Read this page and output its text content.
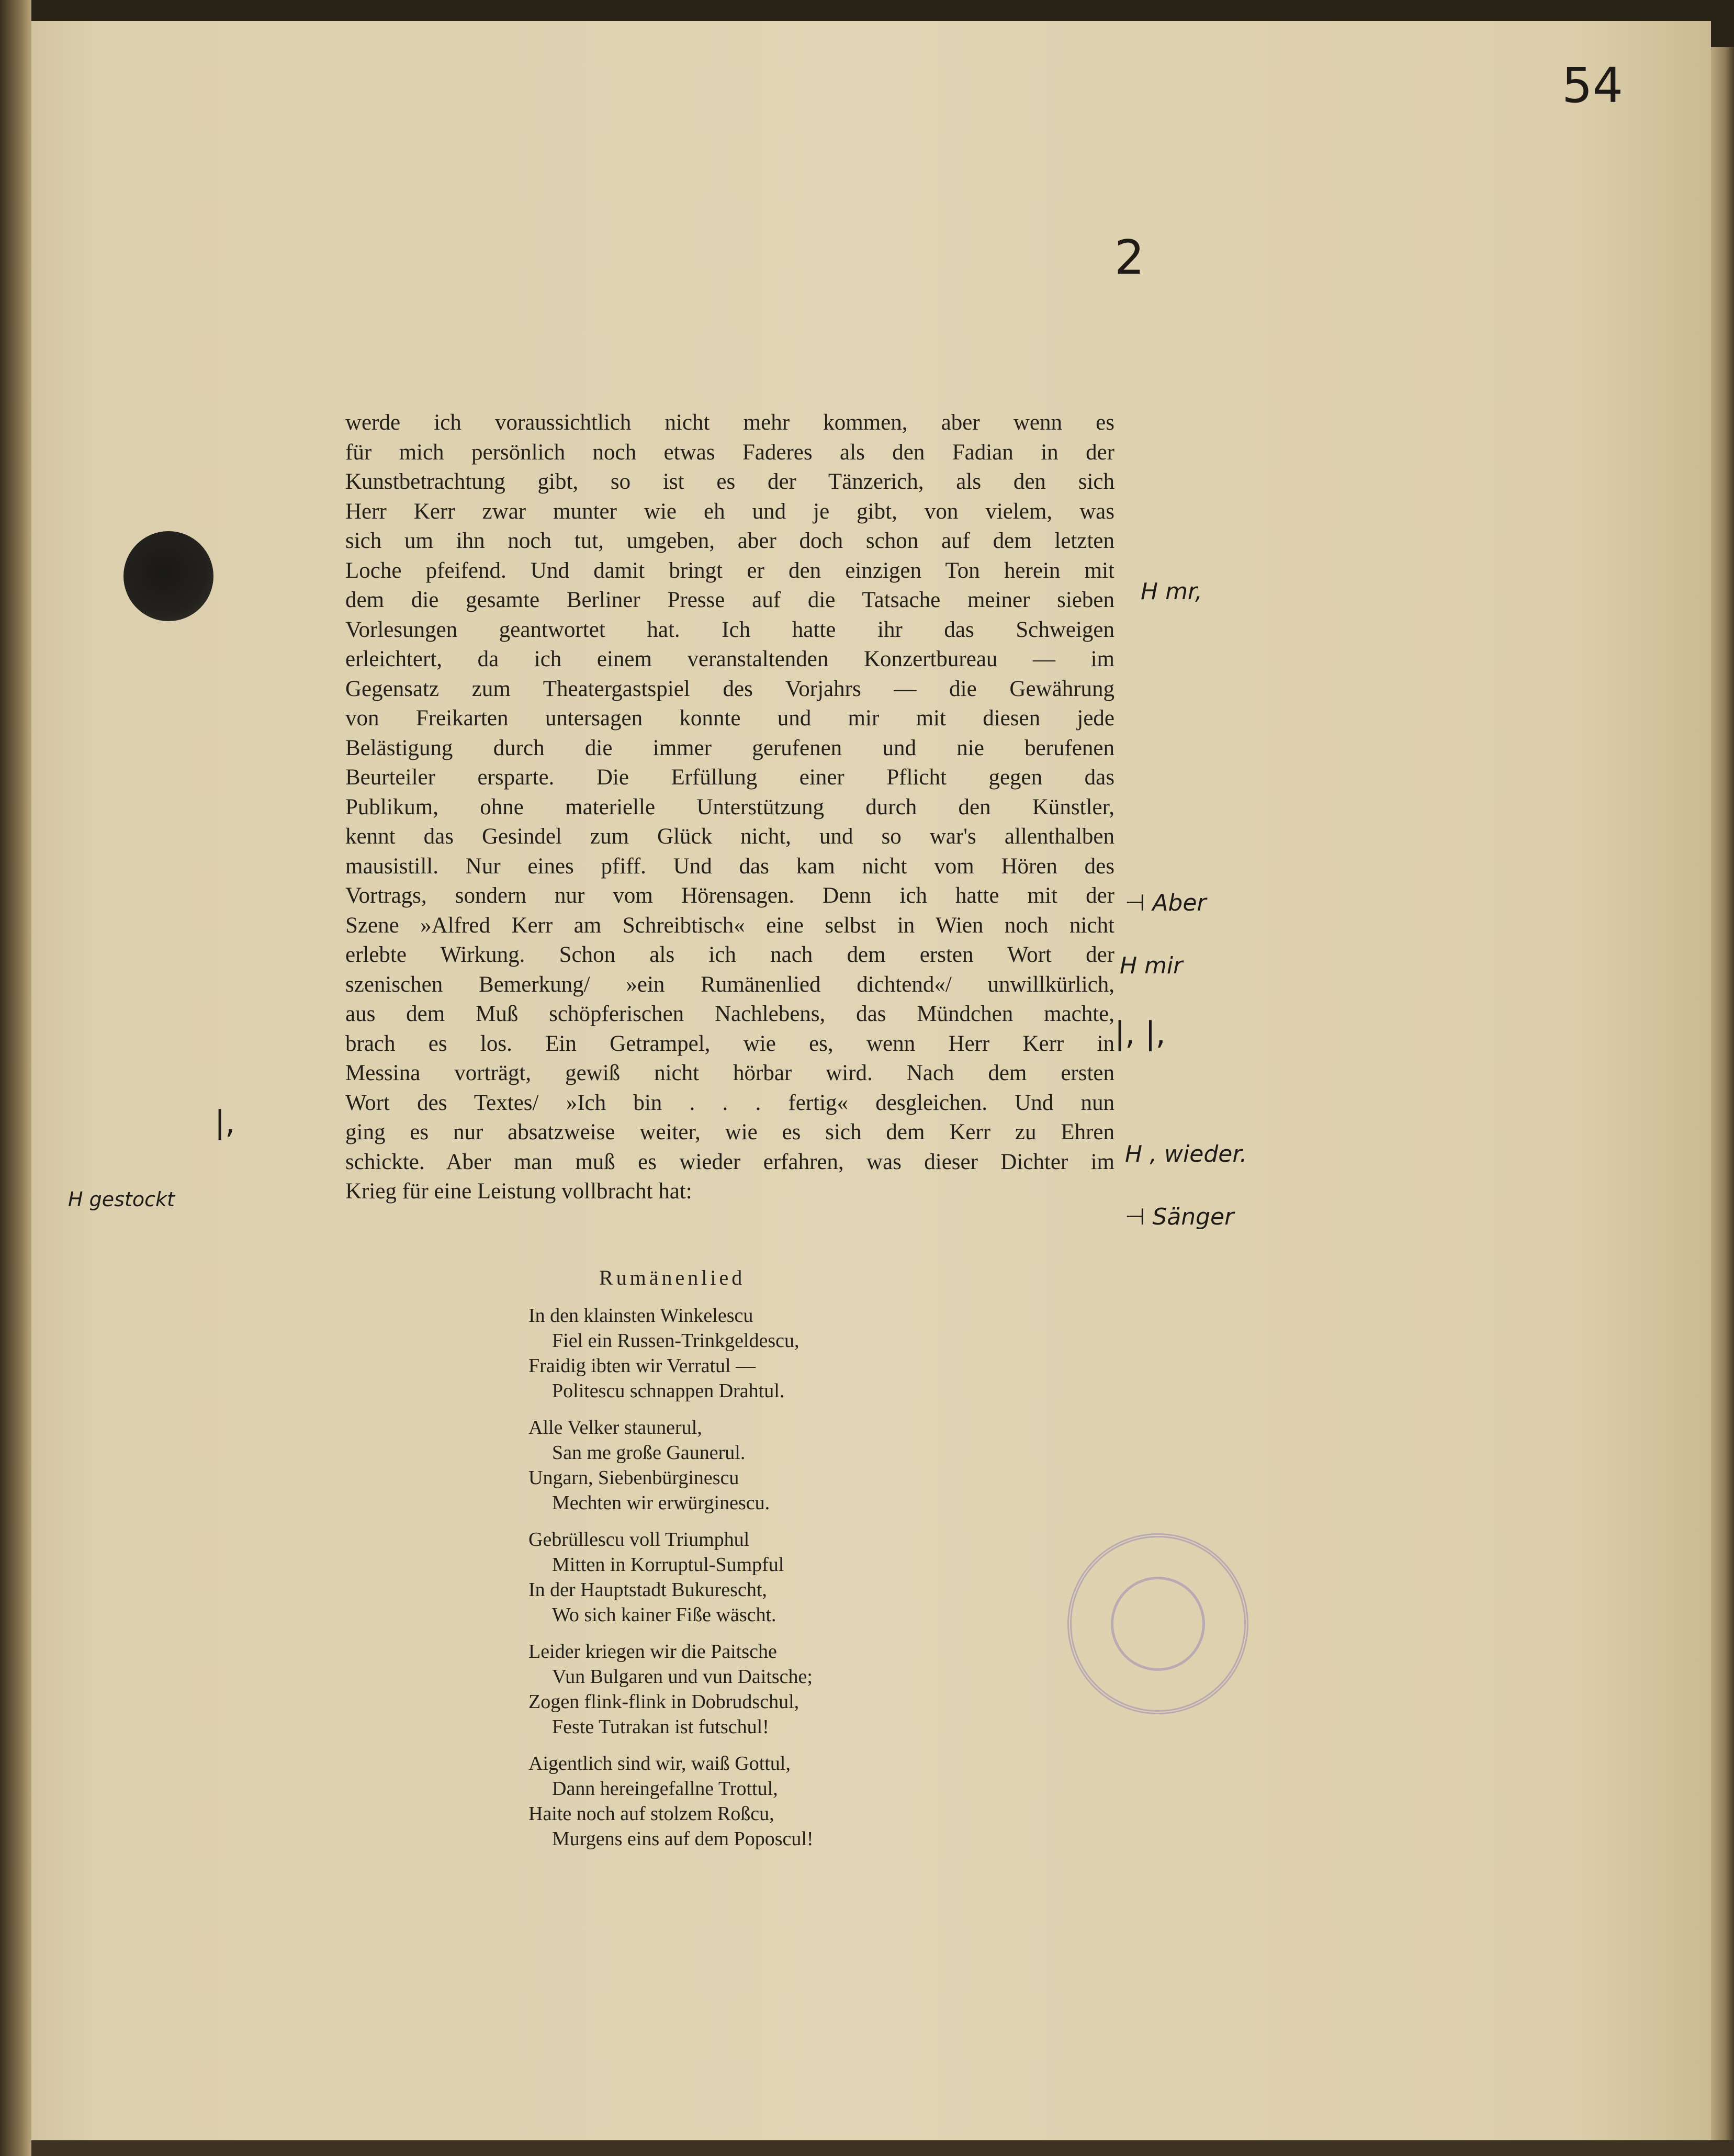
54
2
werde ich voraussichtlich nicht mehr kommen, aber wenn es
für mich persönlich noch etwas Faderes als den Fadian in der
Kunstbetrachtung gibt, so ist es der Tänzerich, als den sich
Herr Kerr zwar munter wie eh und je gibt, von vielem, was
sich um ihn noch tut, umgeben, aber doch schon auf dem letzten
Loche pfeifend. Und damit bringt er den einzigen Ton herein mit
dem die gesamte Berliner Presse auf die Tatsache meiner sieben
Vorlesungen geantwortet hat. Ich hatte ihr das Schweigen
erleichtert, da ich einem veranstaltenden Konzertbureau — im
Gegensatz zum Theatergastspiel des Vorjahrs — die Gewährung
von Freikarten untersagen konnte und mir mit diesen jede
Belästigung durch die immer gerufenen und nie berufenen
Beurteiler ersparte. Die Erfüllung einer Pflicht gegen das
Publikum, ohne materielle Unterstützung durch den Künstler,
kennt das Gesindel zum Glück nicht, und so war's allenthalben
mausistill. Nur eines pfiff. Und das kam nicht vom Hören des
Vortrags, sondern nur vom Hörensagen. Denn ich hatte mit der
Szene »Alfred Kerr am Schreibtisch« eine selbst in Wien noch nicht
erlebte Wirkung. Schon als ich nach dem ersten Wort der
szenischen Bemerkung/ »ein Rumänenlied dichtend«/ unwillkürlich,
aus dem Muß schöpferischen Nachlebens, das Mündchen machte,
brach es los. Ein Getrampel, wie es, wenn Herr Kerr in
Messina vorträgt, gewiß nicht hörbar wird. Nach dem ersten
Wort des Textes/ »Ich bin . . . fertig« desgleichen. Und nun
ging es nur absatzweise weiter, wie es sich dem Kerr zu Ehren
schickte. Aber man muß es wieder erfahren, was dieser Dichter im
Krieg für eine Leistung vollbracht hat:
Rumänenlied
In den klainsten Winkelescu
Fiel ein Russen-Trinkgeldescu,
Fraidig ibten wir Verratul —
Politescu schnappen Drahtul.
Alle Velker staunerul,
San me große Gaunerul.
Ungarn, Siebenbürginescu
Mechten wir erwürginescu.
Gebrüllescu voll Triumphul
Mitten in Korruptul-Sumpful
In der Hauptstadt Bukurescht,
Wo sich kainer Fiße wäscht.
Leider kriegen wir die Paitsche
Vun Bulgaren und vun Daitsche;
Zogen flink-flink in Dobrudschul,
Feste Tutrakan ist futschul!
Aigentlich sind wir, waiß Gottul,
Dann hereingefallne Trottul,
Haite noch auf stolzem Roßcu,
Murgens eins auf dem Poposcul!
H mr,
⊣ Aber
H mir
|, |,
|,
H gestockt
H , wieder.
⊣ Sänger
